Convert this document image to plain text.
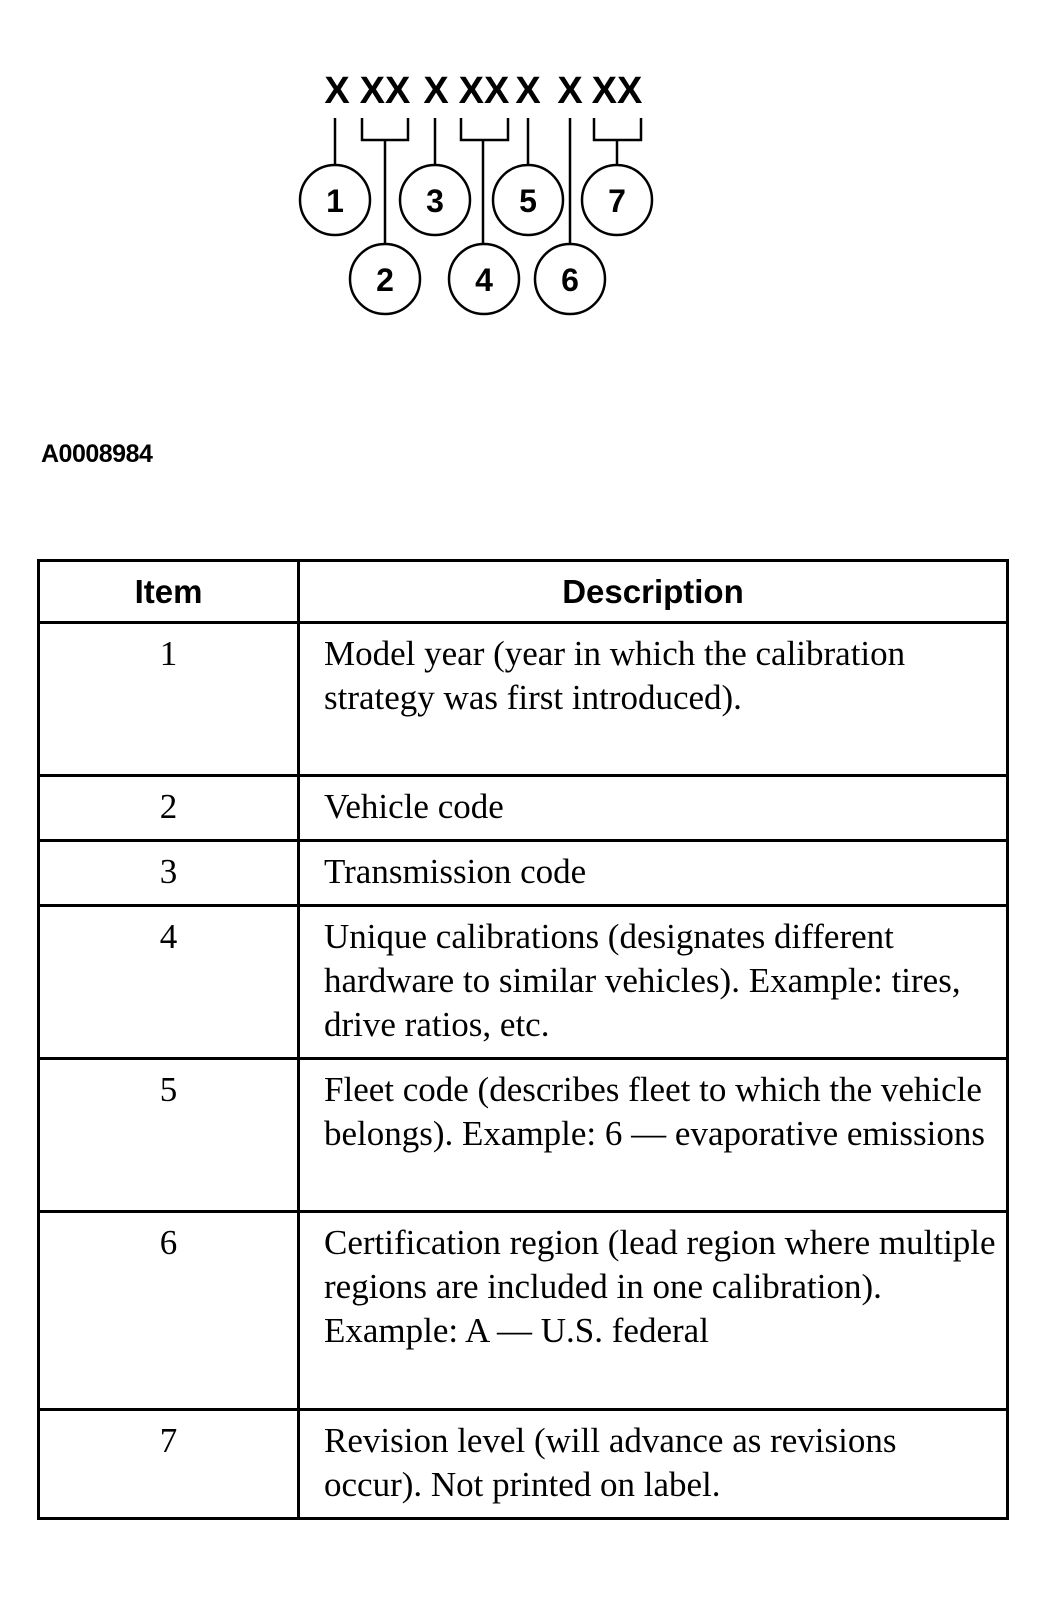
X XX X XX X X XX
1
2
3
4
5
6
7
A0008984
Item	Description
1	Model year (year in which the calibration strategy was first introduced).
2	Vehicle code
3	Transmission code
4	Unique calibrations (designates different hardware to similar vehicles). Example: tires, drive ratios, etc.
5	Fleet code (describes fleet to which the vehicle belongs). Example: 6 — evaporative emissions
6	Certification region (lead region where multiple regions are included in one calibration). Example: A — U.S. federal
7	Revision level (will advance as revisions occur). Not printed on label.
